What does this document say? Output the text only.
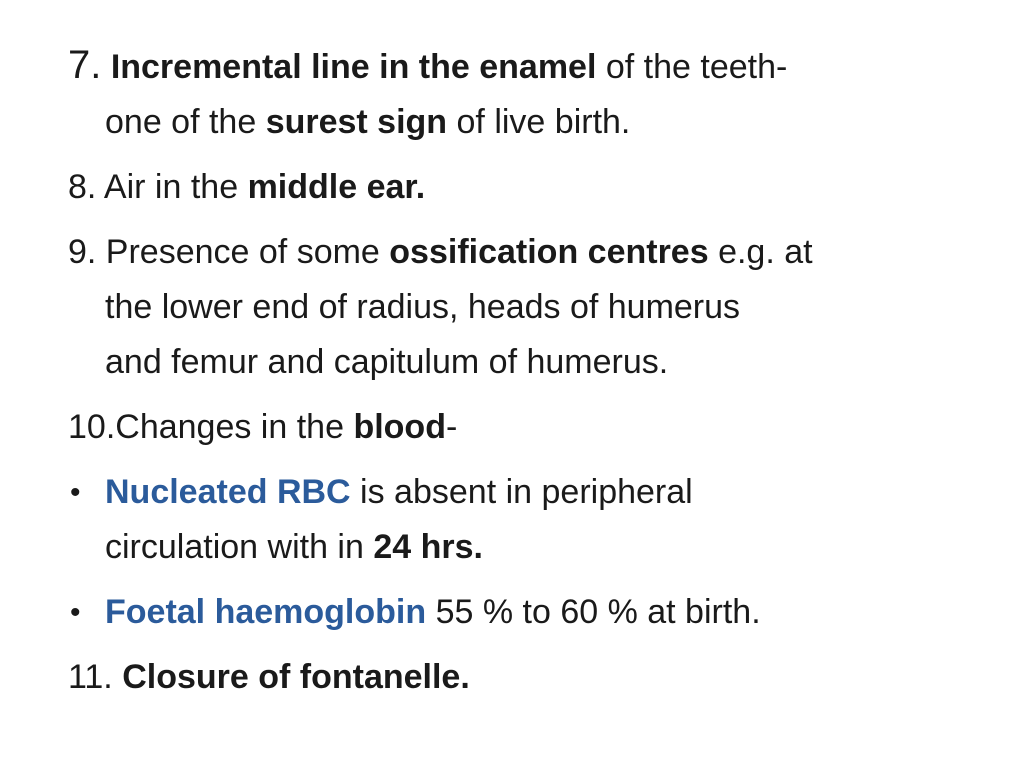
7. Incremental line in the enamel of the teeth-
one of the surest sign of live birth.
8. Air in the middle ear.
9. Presence of some ossification centres e.g. at
the lower end of radius, heads of humerus
and femur and capitulum of humerus.
10.Changes in the blood-
• Nucleated RBC is absent in peripheral
circulation with in 24 hrs.
• Foetal haemoglobin 55 % to 60 % at birth.
11. Closure of fontanelle.
